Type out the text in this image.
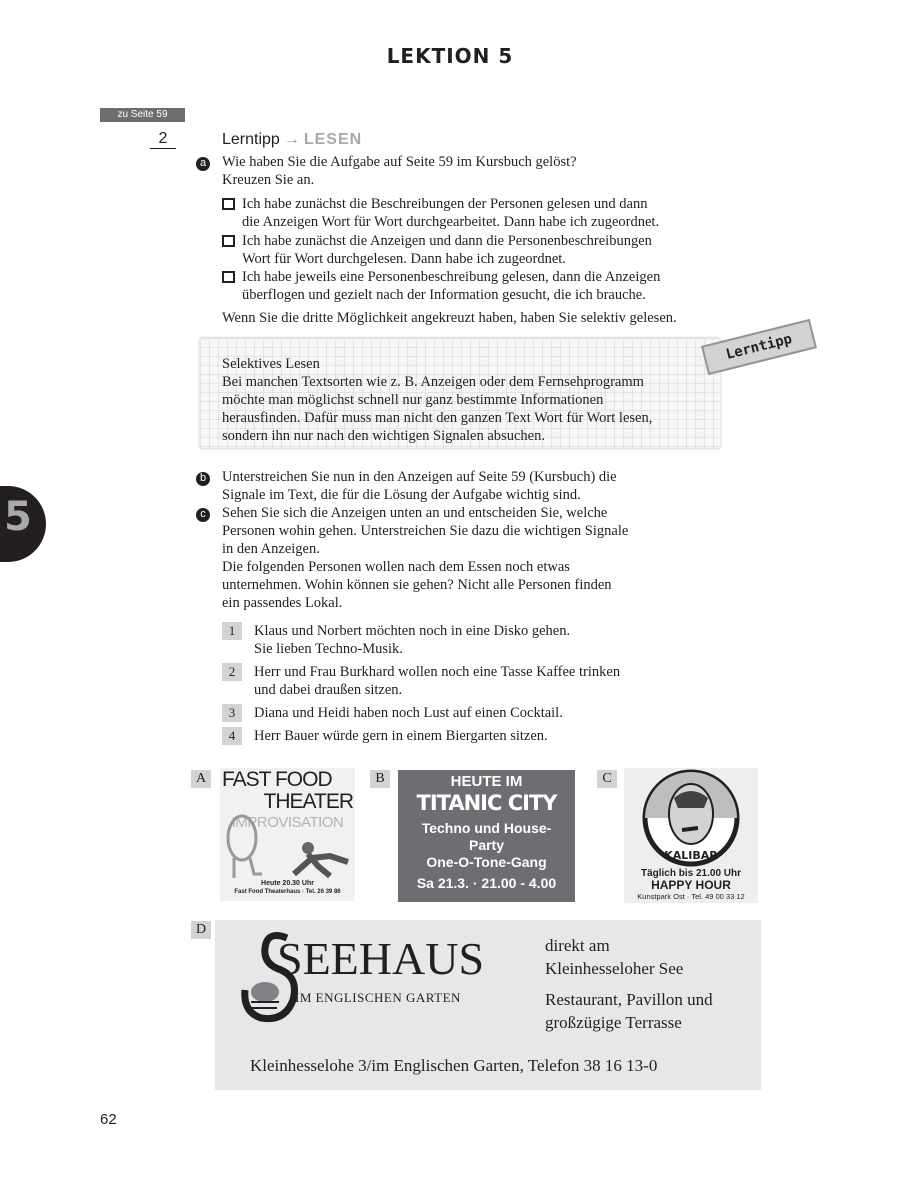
LEKTION 5
zu Seite 59
2	Lerntipp → LESEN
a Wie haben Sie die Aufgabe auf Seite 59 im Kursbuch gelöst?
Kreuzen Sie an.
Ich habe zunächst die Beschreibungen der Personen gelesen und dann
die Anzeigen Wort für Wort durchgearbeitet. Dann habe ich zugeordnet.
Ich habe zunächst die Anzeigen und dann die Personenbeschreibungen
Wort für Wort durchgelesen. Dann habe ich zugeordnet.
Ich habe jeweils eine Personenbeschreibung gelesen, dann die Anzeigen
überflogen und gezielt nach der Information gesucht, die ich brauche.
Wenn Sie die dritte Möglichkeit angekreuzt haben, haben Sie selektiv gelesen.
Selektives Lesen
Bei manchen Textsorten wie z. B. Anzeigen oder dem Fernsehprogramm
möchte man möglichst schnell nur ganz bestimmte Informationen
herausfinden. Dafür muss man nicht den ganzen Text Wort für Wort lesen,
sondern ihn nur nach den wichtigen Signalen absuchen.
Lerntipp
5
b Unterstreichen Sie nun in den Anzeigen auf Seite 59 (Kursbuch) die
Signale im Text, die für die Lösung der Aufgabe wichtig sind.
c Sehen Sie sich die Anzeigen unten an und entscheiden Sie, welche
Personen wohin gehen. Unterstreichen Sie dazu die wichtigen Signale
in den Anzeigen.
Die folgenden Personen wollen nach dem Essen noch etwas
unternehmen. Wohin können sie gehen? Nicht alle Personen finden
ein passendes Lokal.
1	Klaus und Norbert möchten noch in eine Disko gehen.
Sie lieben Techno-Musik.
2	Herr und Frau Burkhard wollen noch eine Tasse Kaffee trinken
und dabei draußen sitzen.
3	Diana und Heidi haben noch Lust auf einen Cocktail.
4	Herr Bauer würde gern in einem Biergarten sitzen.
A FAST FOOD
THEATER
IMPROVISATION
Heute 20.30 Uhr
Fast Food Theaterhaus · Tel. 26 39 86
B	HEUTE IM
TITANIC CITY
Techno und House-
Party
One-O-Tone-Gang
Sa 21.3. · 21.00 - 4.00
C
KALIBAR
Täglich bis 21.00 Uhr
HAPPY HOUR
Kunstpark Ost · Tel. 49 00 33 12
D
SEEHAUS
IM ENGLISCHEN GARTEN
direkt am
Kleinhesseloher See
Restaurant, Pavillon und
großzügige Terrasse
Kleinhesselohe 3/im Englischen Garten, Telefon 38 16 13-0
62
